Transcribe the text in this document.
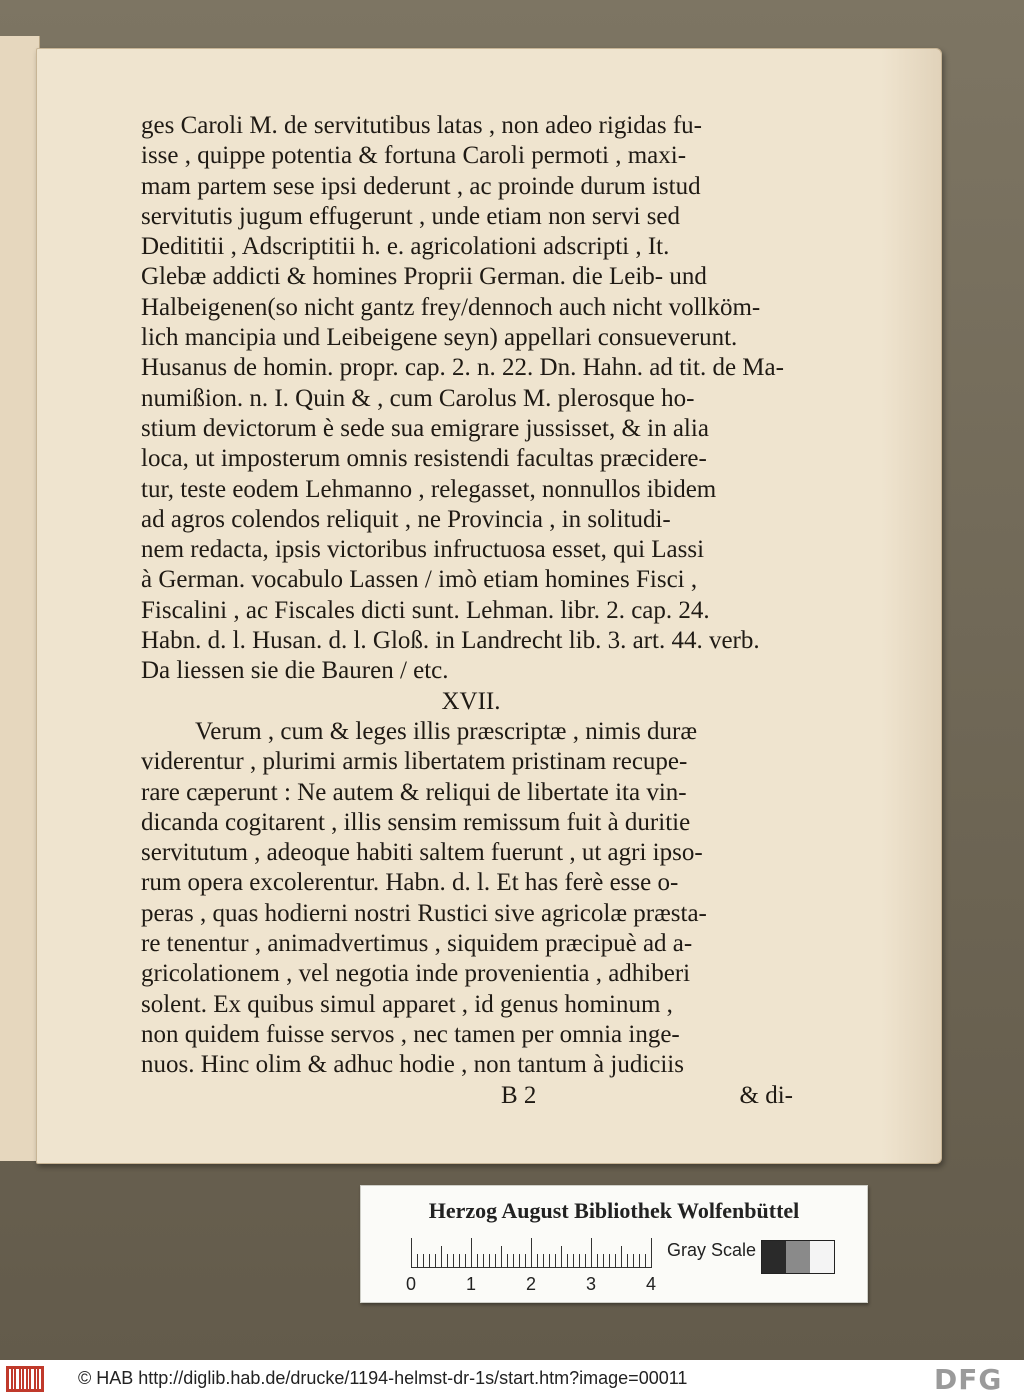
ges Caroli M. de servitutibus latas , non adeo rigidas fu-
isse , quippe potentia & fortuna Caroli permoti , maxi-
mam partem sese ipsi dederunt , ac proinde durum istud
servitutis jugum effugerunt , unde etiam non servi sed
Dedititii , Adscriptitii h. e. agricolationi adscripti , It.
Glebæ addicti & homines Proprii German. die Leib- und
Halbeigenen(so nicht gantz frey/dennoch auch nicht vollköm-
lich mancipia und Leibeigene seyn) appellari consueverunt.
Husanus de homin. propr. cap. 2. n. 22. Dn. Hahn. ad tit. de Ma-
numißion. n. I. Quin & , cum Carolus M. plerosque ho-
stium devictorum è sede sua emigrare jussisset, & in alia
loca, ut imposterum omnis resistendi facultas præcidere-
tur, teste eodem Lehmanno , relegasset, nonnullos ibidem
ad agros colendos reliquit , ne Provincia , in solitudi-
nem redacta, ipsis victoribus infructuosa esset, qui Lassi
à German. vocabulo Lassen / imò etiam homines Fisci ,
Fiscalini , ac Fiscales dicti sunt. Lehman. libr. 2. cap. 24.
Habn. d. l. Husan. d. l. Gloß. in Landrecht lib. 3. art. 44. verb.
Da liessen sie die Bauren / etc.
XVII.
Verum , cum & leges illis præscriptæ , nimis duræ
viderentur , plurimi armis libertatem pristinam recupe-
rare cæperunt : Ne autem & reliqui de libertate ita vin-
dicanda cogitarent , illis sensim remissum fuit à duritie
servitutum , adeoque habiti saltem fuerunt , ut agri ipso-
rum opera excolerentur. Habn. d. l. Et has ferè esse o-
peras , quas hodierni nostri Rustici sive agricolæ præsta-
re tenentur , animadvertimus , siquidem præcipuè ad a-
gricolationem , vel negotia inde provenientia , adhiberi
solent. Ex quibus simul apparet , id genus hominum ,
non quidem fuisse servos , nec tamen per omnia inge-
nuos. Hinc olim & adhuc hodie , non tantum à judiciis
B 2	& di-
Herzog August Bibliothek Wolfenbüttel
0	1	2	3	4
Gray Scale
© HAB http://diglib.hab.de/drucke/1194-helmst-dr-1s/start.htm?image=00011	DFG
